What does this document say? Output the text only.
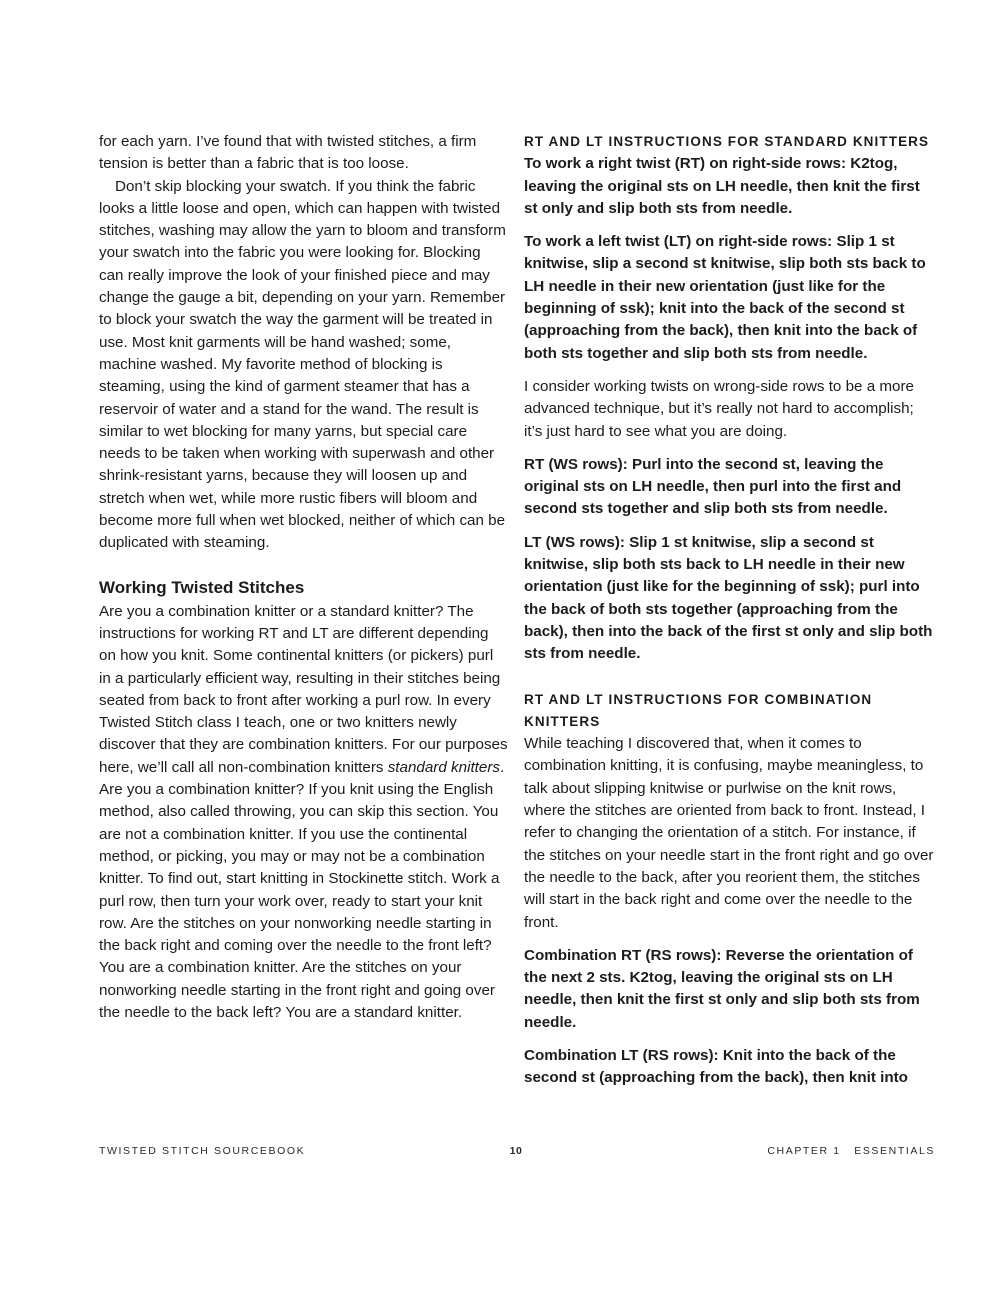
for each yarn. I’ve found that with twisted stitches, a firm tension is better than a fabric that is too loose.

Don’t skip blocking your swatch. If you think the fabric looks a little loose and open, which can happen with twisted stitches, washing may allow the yarn to bloom and transform your swatch into the fabric you were looking for. Blocking can really improve the look of your finished piece and may change the gauge a bit, depending on your yarn. Remember to block your swatch the way the garment will be treated in use. Most knit garments will be hand washed; some, machine washed. My favorite method of blocking is steaming, using the kind of garment steamer that has a reservoir of water and a stand for the wand. The result is similar to wet blocking for many yarns, but special care needs to be taken when working with superwash and other shrink-resistant yarns, because they will loosen up and stretch when wet, while more rustic fibers will bloom and become more full when wet blocked, neither of which can be duplicated with steaming.

Working Twisted Stitches

Are you a combination knitter or a standard knitter? The instructions for working RT and LT are different depending on how you knit. Some continental knitters (or pickers) purl in a particularly efficient way, resulting in their stitches being seated from back to front after working a purl row. In every Twisted Stitch class I teach, one or two knitters newly discover that they are combination knitters. For our purposes here, we’ll call all non-combination knitters standard knitters. Are you a combination knitter? If you knit using the English method, also called throwing, you can skip this section. You are not a combination knitter. If you use the continental method, or picking, you may or may not be a combination knitter. To find out, start knitting in Stockinette stitch. Work a purl row, then turn your work over, ready to start your knit row. Are the stitches on your nonworking needle starting in the back right and coming over the needle to the front left? You are a combination knitter. Are the stitches on your nonworking needle starting in the front right and going over the needle to the back left? You are a standard knitter.

RT AND LT INSTRUCTIONS FOR STANDARD KNITTERS

To work a right twist (RT) on right-side rows: K2tog, leaving the original sts on LH needle, then knit the first st only and slip both sts from needle.

To work a left twist (LT) on right-side rows: Slip 1 st knitwise, slip a second st knitwise, slip both sts back to LH needle in their new orientation (just like for the beginning of ssk); knit into the back of the second st (approaching from the back), then knit into the back of both sts together and slip both sts from needle.

I consider working twists on wrong-side rows to be a more advanced technique, but it’s really not hard to accomplish; it’s just hard to see what you are doing.

RT (WS rows): Purl into the second st, leaving the original sts on LH needle, then purl into the first and second sts together and slip both sts from needle.

LT (WS rows): Slip 1 st knitwise, slip a second st knitwise, slip both sts back to LH needle in their new orientation (just like for the beginning of ssk); purl into the back of both sts together (approaching from the back), then into the back of the first st only and slip both sts from needle.

RT AND LT INSTRUCTIONS FOR COMBINATION KNITTERS

While teaching I discovered that, when it comes to combination knitting, it is confusing, maybe meaningless, to talk about slipping knitwise or purlwise on the knit rows, where the stitches are oriented from back to front. Instead, I refer to changing the orientation of a stitch. For instance, if the stitches on your needle start in the front right and go over the needle to the back, after you reorient them, the stitches will start in the back right and come over the needle to the front.

Combination RT (RS rows): Reverse the orientation of the next 2 sts. K2tog, leaving the original sts on LH needle, then knit the first st only and slip both sts from needle.

Combination LT (RS rows): Knit into the back of the second st (approaching from the back), then knit into

TWISTED STITCH SOURCEBOOK	10	CHAPTER 1   ESSENTIALS
